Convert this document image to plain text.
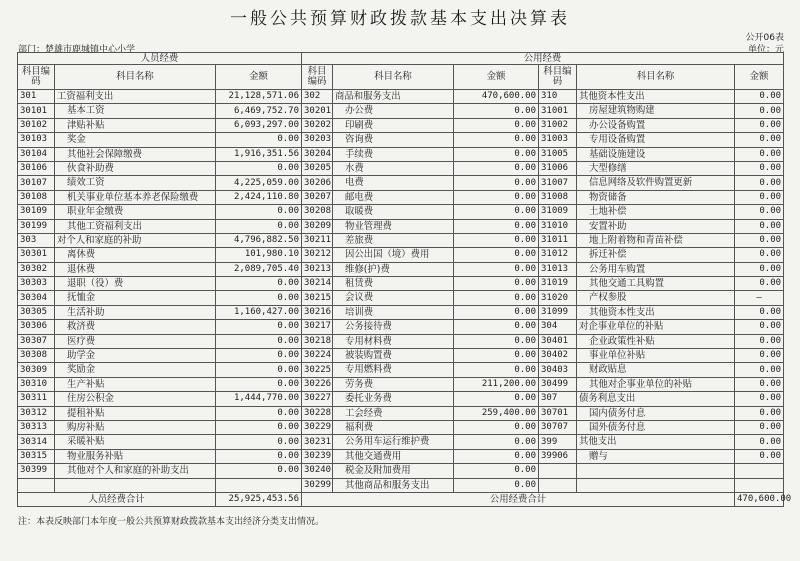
一般公共预算财政拨款基本支出决算表
公开06表
部门：楚雄市鹿城镇中心小学	单位：元
人员经费			公用经费					
科目编码	科目名称	金额	科目编码	科目名称	金额	科目编码	科目名称	金额
301	工资福利支出	21,128,571.06	302	商品和服务支出	470,600.00	310	其他资本性支出	0.00
30101	基本工资	6,469,752.70	30201	办公费	0.00	31001	房屋建筑物购建	0.00
30102	津贴补贴	6,093,297.00	30202	印刷费	0.00	31002	办公设备购置	0.00
30103	奖金	0.00	30203	咨询费	0.00	31003	专用设备购置	0.00
30104	其他社会保障缴费	1,916,351.56	30204	手续费	0.00	31005	基础设施建设	0.00
30106	伙食补助费	0.00	30205	水费	0.00	31006	大型修缮	0.00
30107	绩效工资	4,225,059.00	30206	电费	0.00	31007	信息网络及软件购置更新	0.00
30108	机关事业单位基本养老保险缴费	2,424,110.80	30207	邮电费	0.00	31008	物资储备	0.00
30109	职业年金缴费	0.00	30208	取暖费	0.00	31009	土地补偿	0.00
30199	其他工资福利支出	0.00	30209	物业管理费	0.00	31010	安置补助	0.00
303	对个人和家庭的补助	4,796,882.50	30211	差旅费	0.00	31011	地上附着物和青苗补偿	0.00
30301	离休费	101,980.10	30212	因公出国（境）费用	0.00	31012	拆迁补偿	0.00
30302	退休费	2,089,705.40	30213	维修(护)费	0.00	31013	公务用车购置	0.00
30303	退职（役）费	0.00	30214	租赁费	0.00	31019	其他交通工具购置	0.00
30304	抚恤金	0.00	30215	会议费	0.00	31020	产权参股	—
30305	生活补助	1,160,427.00	30216	培训费	0.00	31099	其他资本性支出	0.00
30306	救济费	0.00	30217	公务接待费	0.00	304	对企事业单位的补贴	0.00
30307	医疗费	0.00	30218	专用材料费	0.00	30401	企业政策性补贴	0.00
30308	助学金	0.00	30224	被装购置费	0.00	30402	事业单位补贴	0.00
30309	奖励金	0.00	30225	专用燃料费	0.00	30403	财政贴息	0.00
30310	生产补贴	0.00	30226	劳务费	211,200.00	30499	其他对企事业单位的补贴	0.00
30311	住房公积金	1,444,770.00	30227	委托业务费	0.00	307	债务利息支出	0.00
30312	提租补贴	0.00	30228	工会经费	259,400.00	30701	国内债务付息	0.00
30313	购房补贴	0.00	30229	福利费	0.00	30707	国外债务付息	0.00
30314	采暖补贴	0.00	30231	公务用车运行维护费	0.00	399	其他支出	0.00
30315	物业服务补贴	0.00	30239	其他交通费用	0.00	39906	赠与	0.00
30399	其他对个人和家庭的补助支出	0.00	30240	税金及附加费用	0.00			
			30299	其他商品和服务支出	0.00			
人员经费合计		25,925,453.56	公用经费合计					470,600.00
注：本表反映部门本年度一般公共预算财政拨款基本支出经济分类支出情况。
